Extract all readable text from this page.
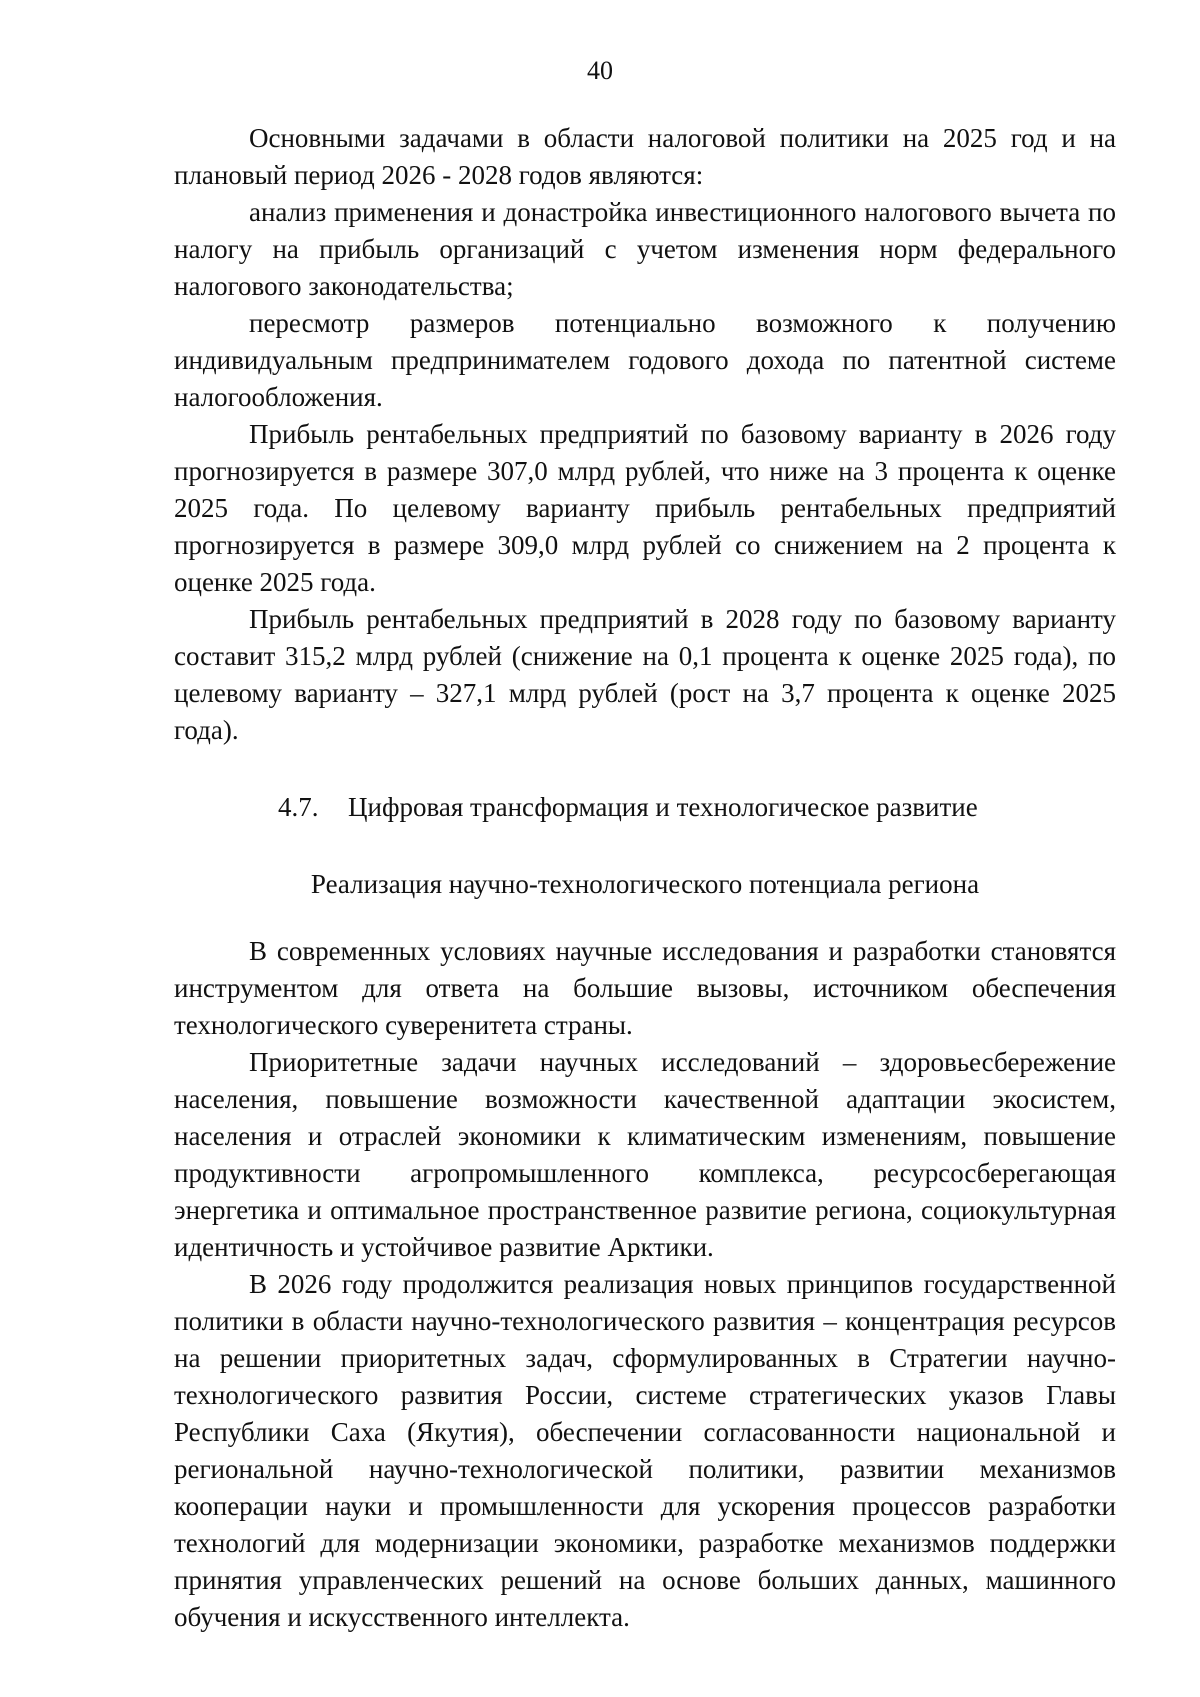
40

Основными задачами в области налоговой политики на 2025 год и на плановый период 2026 - 2028 годов являются:

анализ применения и донастройка инвестиционного налогового вычета по налогу на прибыль организаций с учетом изменения норм федерального налогового законодательства;

пересмотр размеров потенциально возможного к получению индивидуальным предпринимателем годового дохода по патентной системе налогообложения.

Прибыль рентабельных предприятий по базовому варианту в 2026 году прогнозируется в размере 307,0 млрд рублей, что ниже на 3 процента к оценке 2025 года. По целевому варианту прибыль рентабельных предприятий прогнозируется в размере 309,0 млрд рублей со снижением на 2 процента к оценке 2025 года.

Прибыль рентабельных предприятий в 2028 году по базовому варианту составит 315,2 млрд рублей (снижение на 0,1 процента к оценке 2025 года), по целевому варианту – 327,1 млрд рублей (рост на 3,7 процента к оценке 2025 года).

4.7. Цифровая трансформация и технологическое развитие

Реализация научно-технологического потенциала региона

В современных условиях научные исследования и разработки становятся инструментом для ответа на большие вызовы, источником обеспечения технологического суверенитета страны.

Приоритетные задачи научных исследований – здоровьесбережение населения, повышение возможности качественной адаптации экосистем, населения и отраслей экономики к климатическим изменениям, повышение продуктивности агропромышленного комплекса, ресурсосберегающая энергетика и оптимальное пространственное развитие региона, социокультурная идентичность и устойчивое развитие Арктики.

В 2026 году продолжится реализация новых принципов государственной политики в области научно-технологического развития – концентрация ресурсов на решении приоритетных задач, сформулированных в Стратегии научно-технологического развития России, системе стратегических указов Главы Республики Саха (Якутия), обеспечении согласованности национальной и региональной научно-технологической политики, развитии механизмов кооперации науки и промышленности для ускорения процессов разработки технологий для модернизации экономики, разработке механизмов поддержки принятия управленческих решений на основе больших данных, машинного обучения и искусственного интеллекта.
